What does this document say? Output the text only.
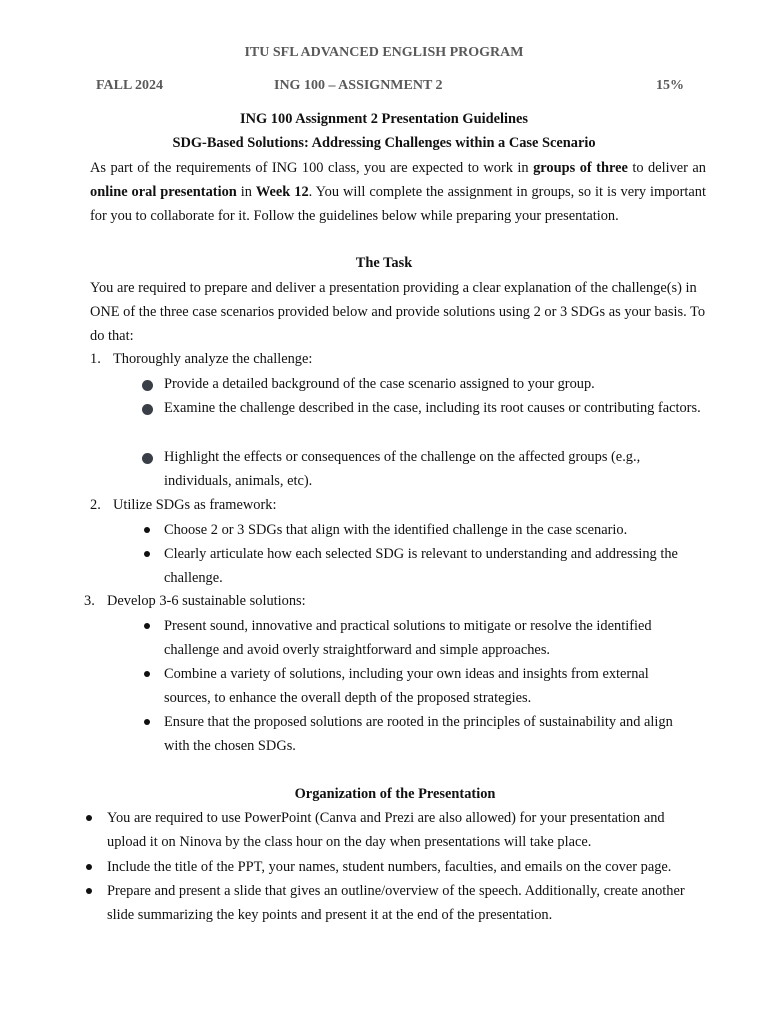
ITU SFL ADVANCED ENGLISH PROGRAM
FALL 2024	ING 100 – ASSIGNMENT 2	15%
ING 100 Assignment 2 Presentation Guidelines
SDG-Based Solutions: Addressing Challenges within a Case Scenario
As part of the requirements of ING 100 class, you are expected to work in groups of three to deliver an online oral presentation in Week 12. You will complete the assignment in groups, so it is very important for you to collaborate for it. Follow the guidelines below while preparing your presentation.
The Task
You are required to prepare and deliver a presentation providing a clear explanation of the challenge(s) in ONE of the three case scenarios provided below and provide solutions using 2 or 3 SDGs as your basis. To do that:
1. Thoroughly analyze the challenge:
Provide a detailed background of the case scenario assigned to your group.
Examine the challenge described in the case, including its root causes or contributing factors.
Highlight the effects or consequences of the challenge on the affected groups (e.g., individuals, animals, etc).
2. Utilize SDGs as framework:
Choose 2 or 3 SDGs that align with the identified challenge in the case scenario.
Clearly articulate how each selected SDG is relevant to understanding and addressing the challenge.
3. Develop 3-6 sustainable solutions:
Present sound, innovative and practical solutions to mitigate or resolve the identified challenge and avoid overly straightforward and simple approaches.
Combine a variety of solutions, including your own ideas and insights from external sources, to enhance the overall depth of the proposed strategies.
Ensure that the proposed solutions are rooted in the principles of sustainability and align with the chosen SDGs.
Organization of the Presentation
You are required to use PowerPoint (Canva and Prezi are also allowed) for your presentation and upload it on Ninova by the class hour on the day when presentations will take place.
Include the title of the PPT, your names, student numbers, faculties, and emails on the cover page.
Prepare and present a slide that gives an outline/overview of the speech. Additionally, create another slide summarizing the key points and present it at the end of the presentation.
